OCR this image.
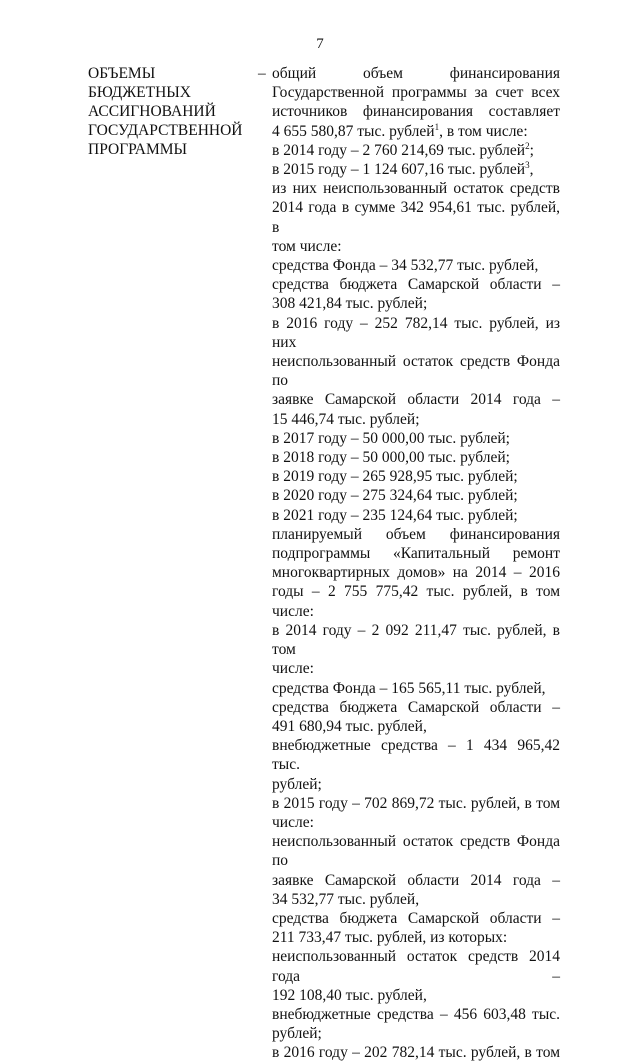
7
ОБЪЕМЫ
БЮДЖЕТНЫХ
АССИГНОВАНИЙ
ГОСУДАРСТВЕННОЙ
ПРОГРАММЫ
– общий объем финансирования
Государственной программы за счет всех
источников финансирования составляет
4 655 580,87 тыс. рублей$^1$, в том числе:
в 2014 году – 2 760 214,69 тыс. рублей$^2$;
в 2015 году – 1 124 607,16 тыс. рублей$^3$,
из них неиспользованный остаток средств
2014 года в сумме 342 954,61 тыс. рублей, в
том числе:
средства Фонда – 34 532,77 тыс. рублей,
средства бюджета Самарской области –
308 421,84 тыс. рублей;
в 2016 году – 252 782,14 тыс. рублей, из них
неиспользованный остаток средств Фонда по
заявке Самарской области 2014 года –
15 446,74 тыс. рублей;
в 2017 году – 50 000,00 тыс. рублей;
в 2018 году – 50 000,00 тыс. рублей;
в 2019 году – 265 928,95 тыс. рублей;
в 2020 году – 275 324,64 тыс. рублей;
в 2021 году – 235 124,64 тыс. рублей;
планируемый объем финансирования
подпрограммы «Капитальный ремонт
многоквартирных домов» на 2014 – 2016
годы – 2 755 775,42 тыс. рублей, в том
числе:
в 2014 году – 2 092 211,47 тыс. рублей, в том
числе:
средства Фонда – 165 565,11 тыс. рублей,
средства бюджета Самарской области –
491 680,94 тыс. рублей,
внебюджетные средства – 1 434 965,42 тыс.
рублей;
в 2015 году – 702 869,72 тыс. рублей, в том
числе:
неиспользованный остаток средств Фонда по
заявке Самарской области 2014 года –
34 532,77 тыс. рублей,
средства бюджета Самарской области –
211 733,47 тыс. рублей, из которых:
неиспользованный остаток средств 2014 года –
192 108,40 тыс. рублей,
внебюджетные средства – 456 603,48 тыс.
рублей;
в 2016 году – 202 782,14 тыс. рублей, в том
